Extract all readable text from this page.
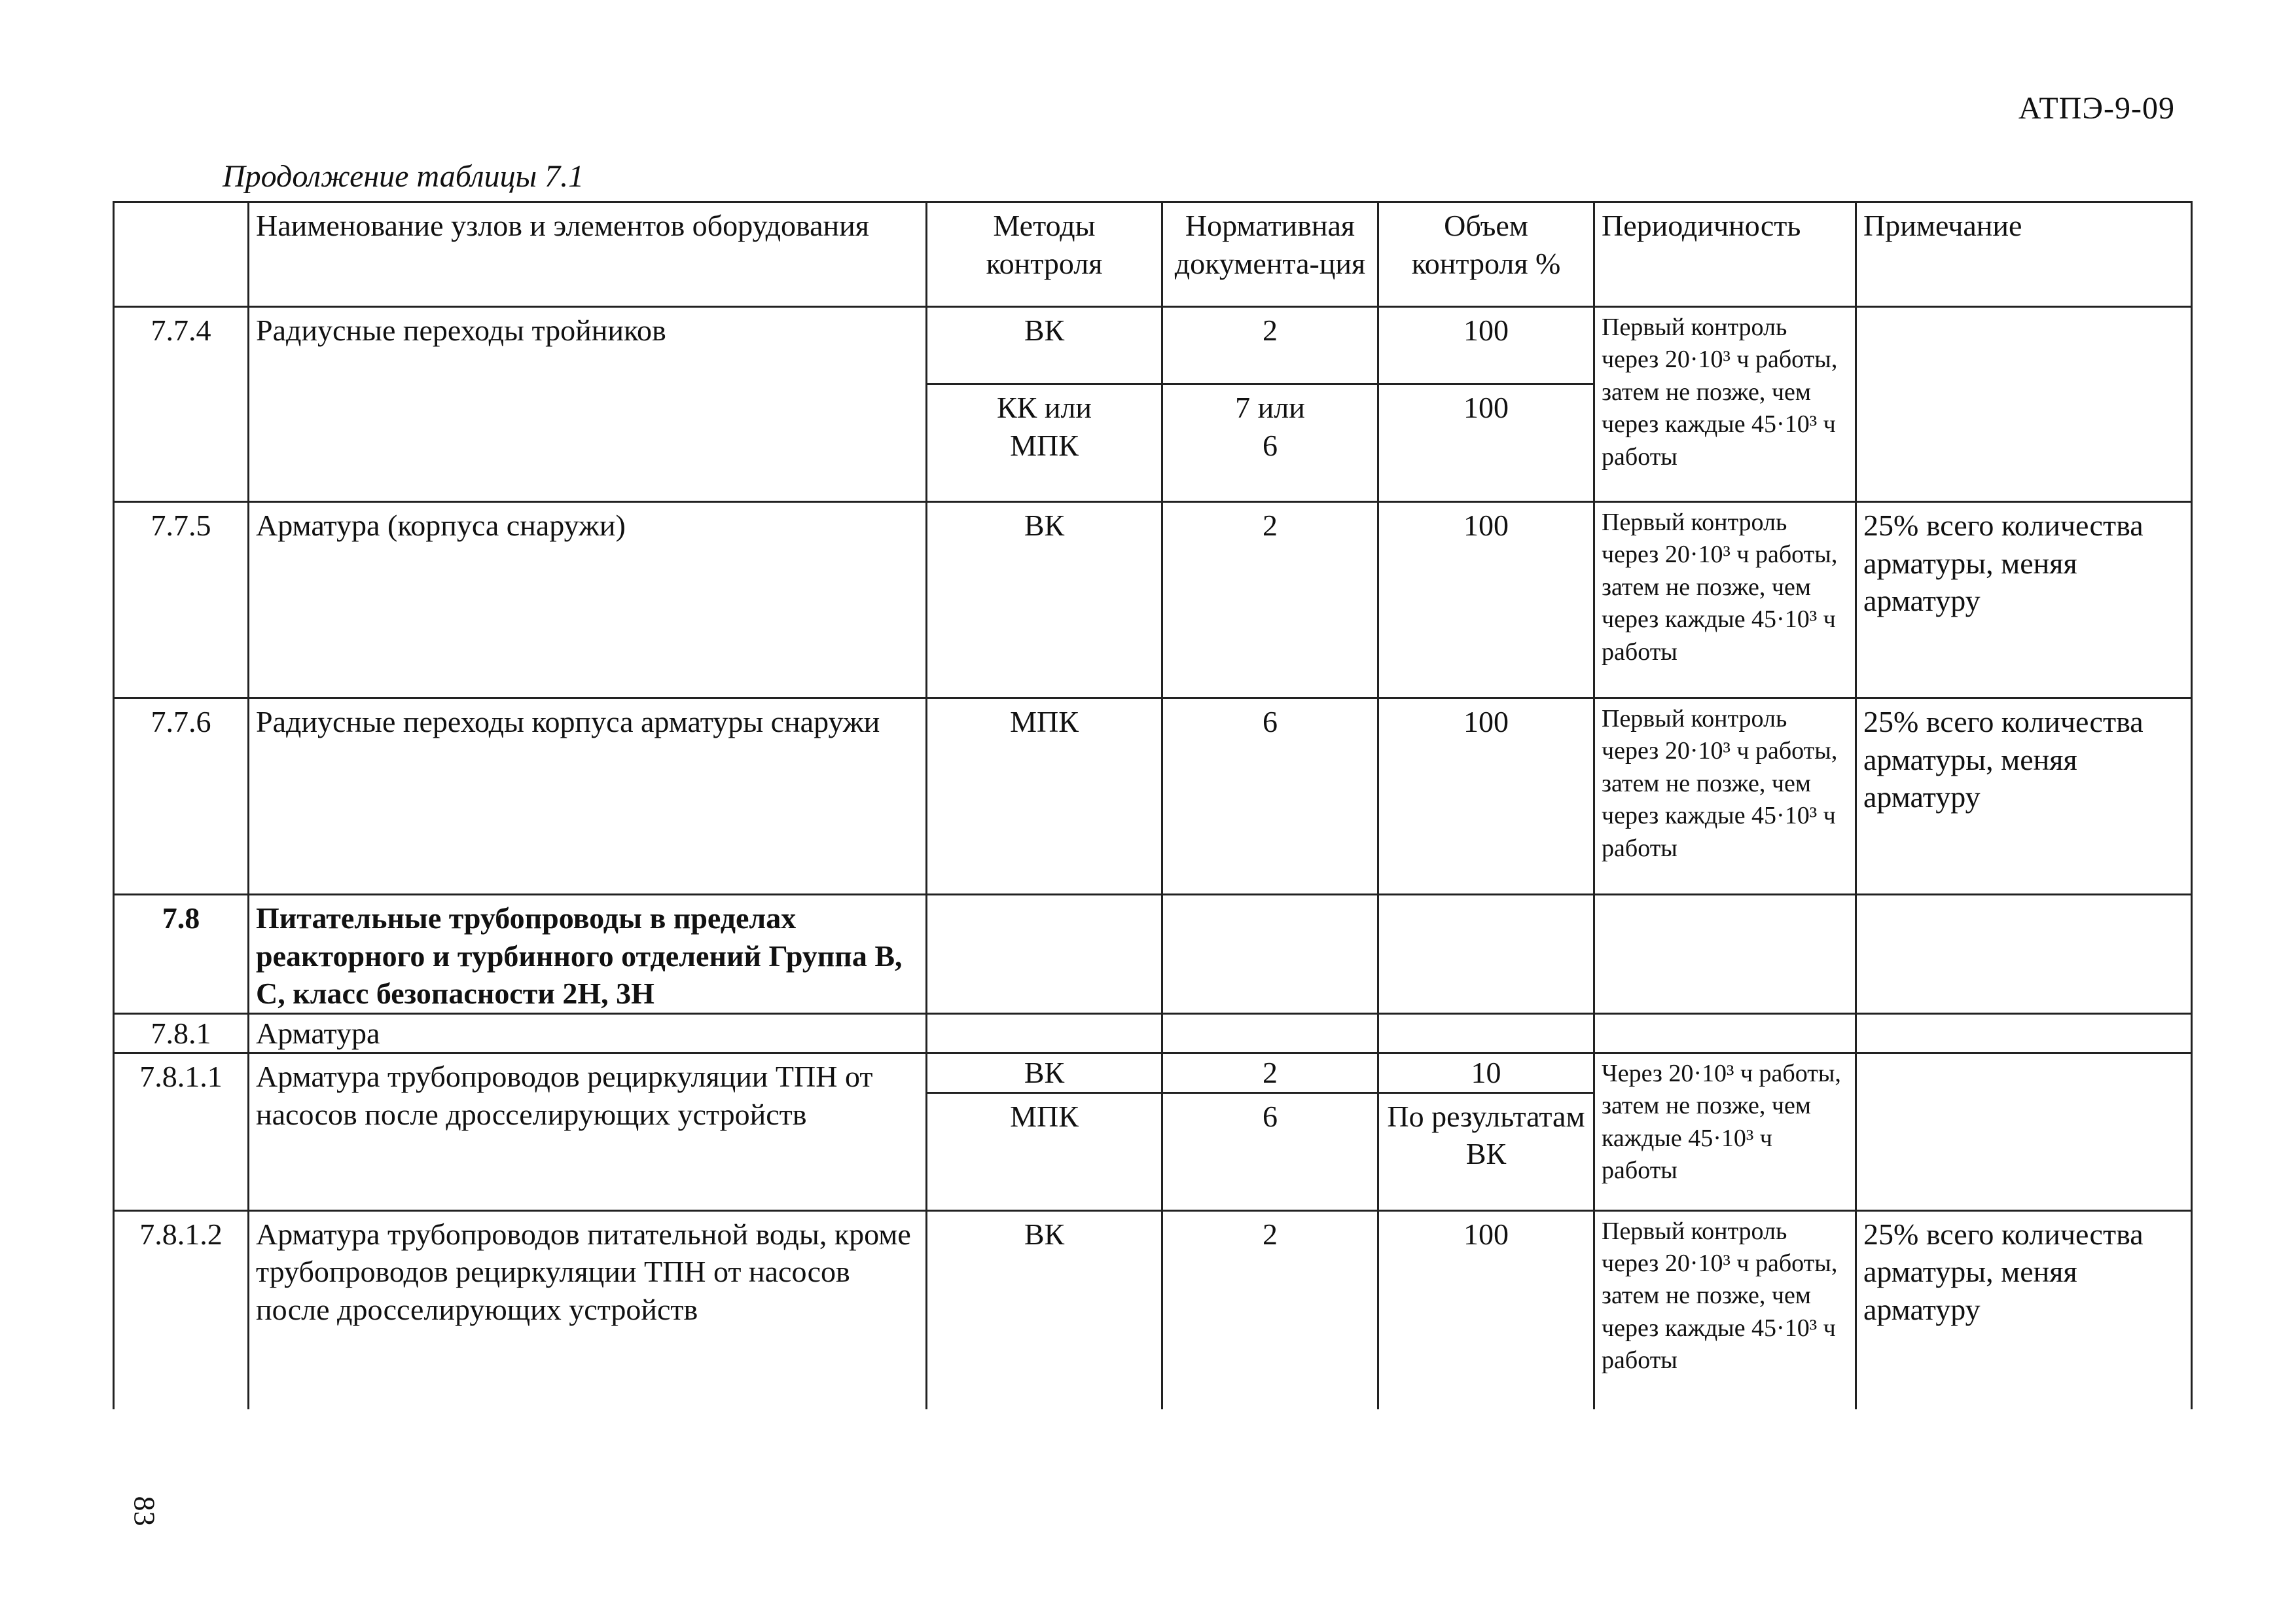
АТПЭ-9-09
Продолжение таблицы 7.1
	Наименование узлов и элементов оборудования	Методы контроля	Нормативная документа-ция	Объем контроля %	Периодичность	Примечание
7.7.4	Радиусные переходы тройников	ВК	2	100	Первый контроль через 20·10³ ч работы, затем не позже, чем через каждые 45·10³ ч работы	
		КК или МПК	7 или 6	100		
7.7.5	Арматура (корпуса снаружи)	ВК	2	100	Первый контроль через 20·10³ ч работы, затем не позже, чем через каждые 45·10³ ч работы	25% всего количества арматуры, меняя арматуру
7.7.6	Радиусные переходы корпуса арматуры снаружи	МПК	6	100	Первый контроль через 20·10³ ч работы, затем не позже, чем через каждые 45·10³ ч работы	25% всего количества арматуры, меняя арматуру
7.8	Питательные трубопроводы в пределах реакторного и турбинного отделений Группа В, С, класс безопасности 2Н, 3Н					
7.8.1	Арматура					
7.8.1.1	Арматура трубопроводов рециркуляции ТПН от насосов после дросселирующих устройств	ВК	2	10	Через 20·10³ ч работы, затем не позже, чем каждые 45·10³ ч работы	
		МПК	6	По результатам ВК		
7.8.1.2	Арматура трубопроводов питательной воды, кроме трубопроводов рециркуляции ТПН от насосов после дросселирующих устройств	ВК	2	100	Первый контроль через 20·10³ ч работы, затем не позже, чем через каждые 45·10³ ч работы	25% всего количества арматуры, меняя арматуру
83
